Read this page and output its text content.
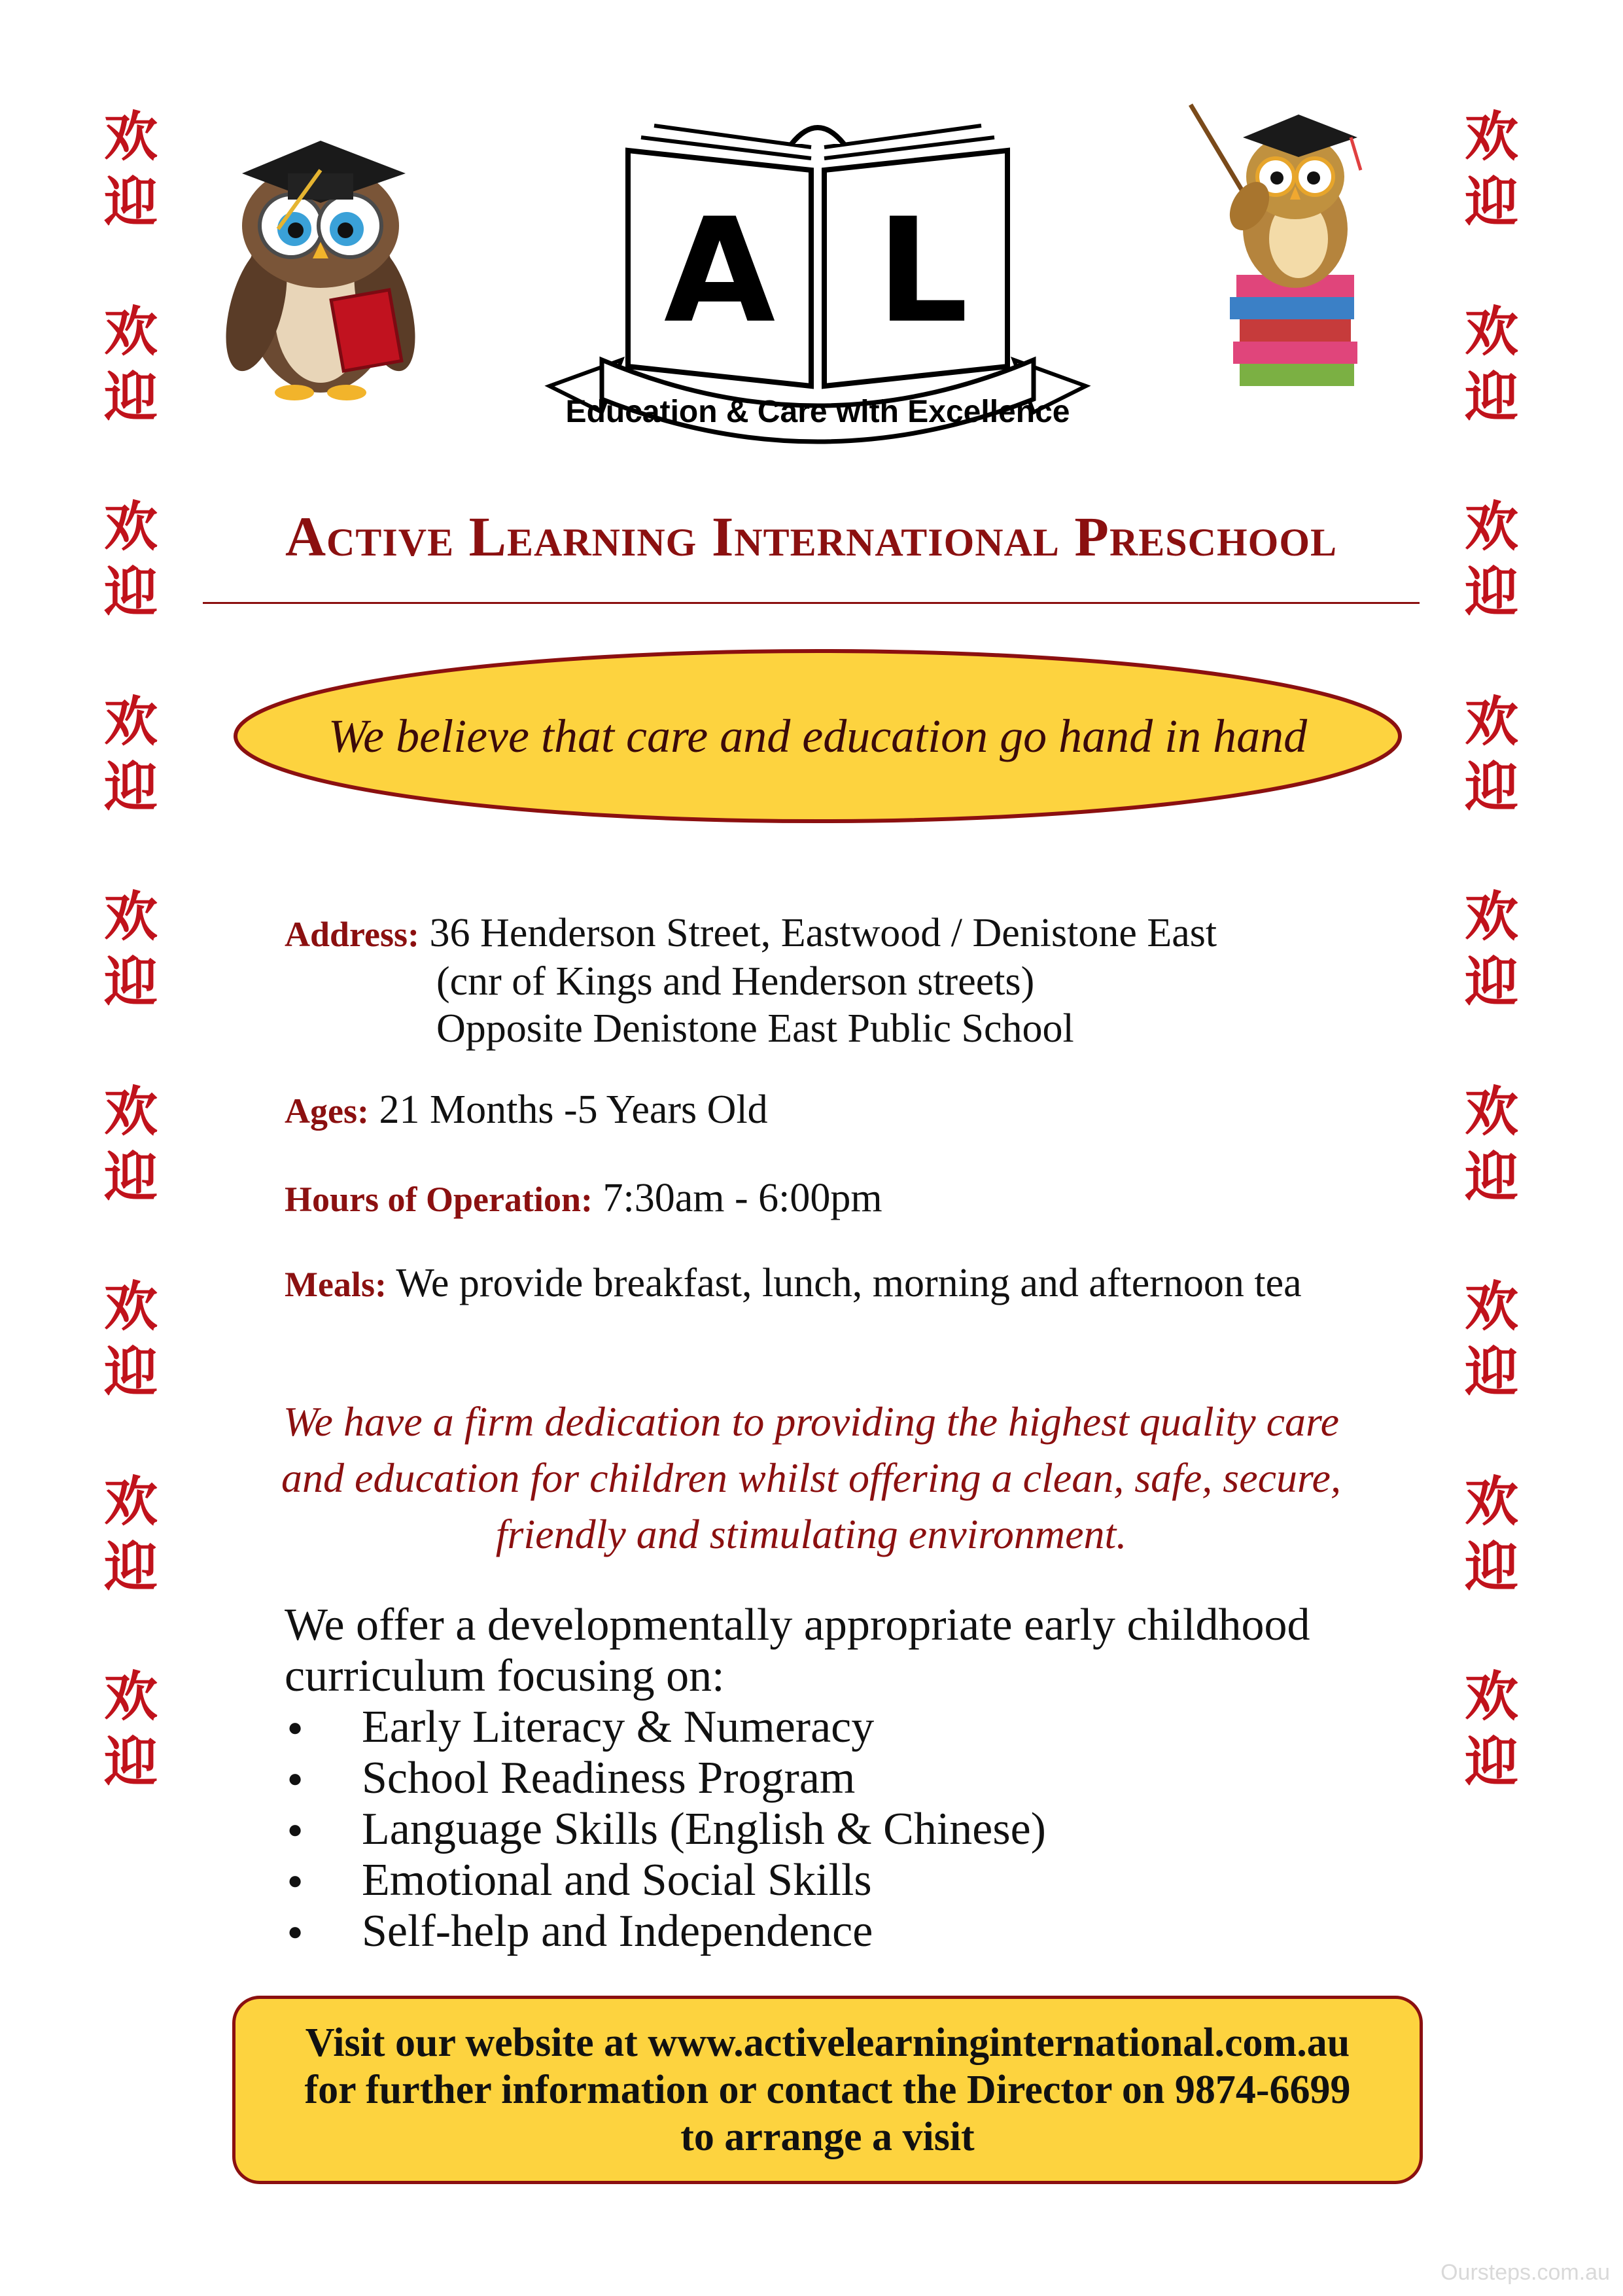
欢
迎
欢
迎
欢
迎
欢
迎
欢
迎
欢
迎
欢
迎
欢
迎
欢
迎
欢
迎
欢
迎
欢
迎
欢
迎
欢
迎
欢
迎
欢
迎
欢
迎
欢
迎
A L
Education & Care with Excellence
Active Learning International Preschool
We believe that care and education go hand in hand
Address: 36 Henderson Street, Eastwood / Denistone East
(cnr of Kings and Henderson streets)
Opposite Denistone East Public School
Ages: 21 Months -5 Years Old
Hours of Operation: 7:30am - 6:00pm
Meals: We provide breakfast, lunch, morning and afternoon tea
We have a firm dedication to providing the highest quality care and education for children whilst offering a clean, safe, secure, friendly and stimulating environment.
We offer a developmentally appropriate early childhood curriculum focusing on:
● Early Literacy & Numeracy
● School Readiness Program
● Language Skills (English & Chinese)
● Emotional and Social Skills
● Self-help and Independence
Visit our website at www.activelearninginternational.com.au
for further information or contact the Director on 9874-6699
to arrange a visit
Oursteps.com.au
